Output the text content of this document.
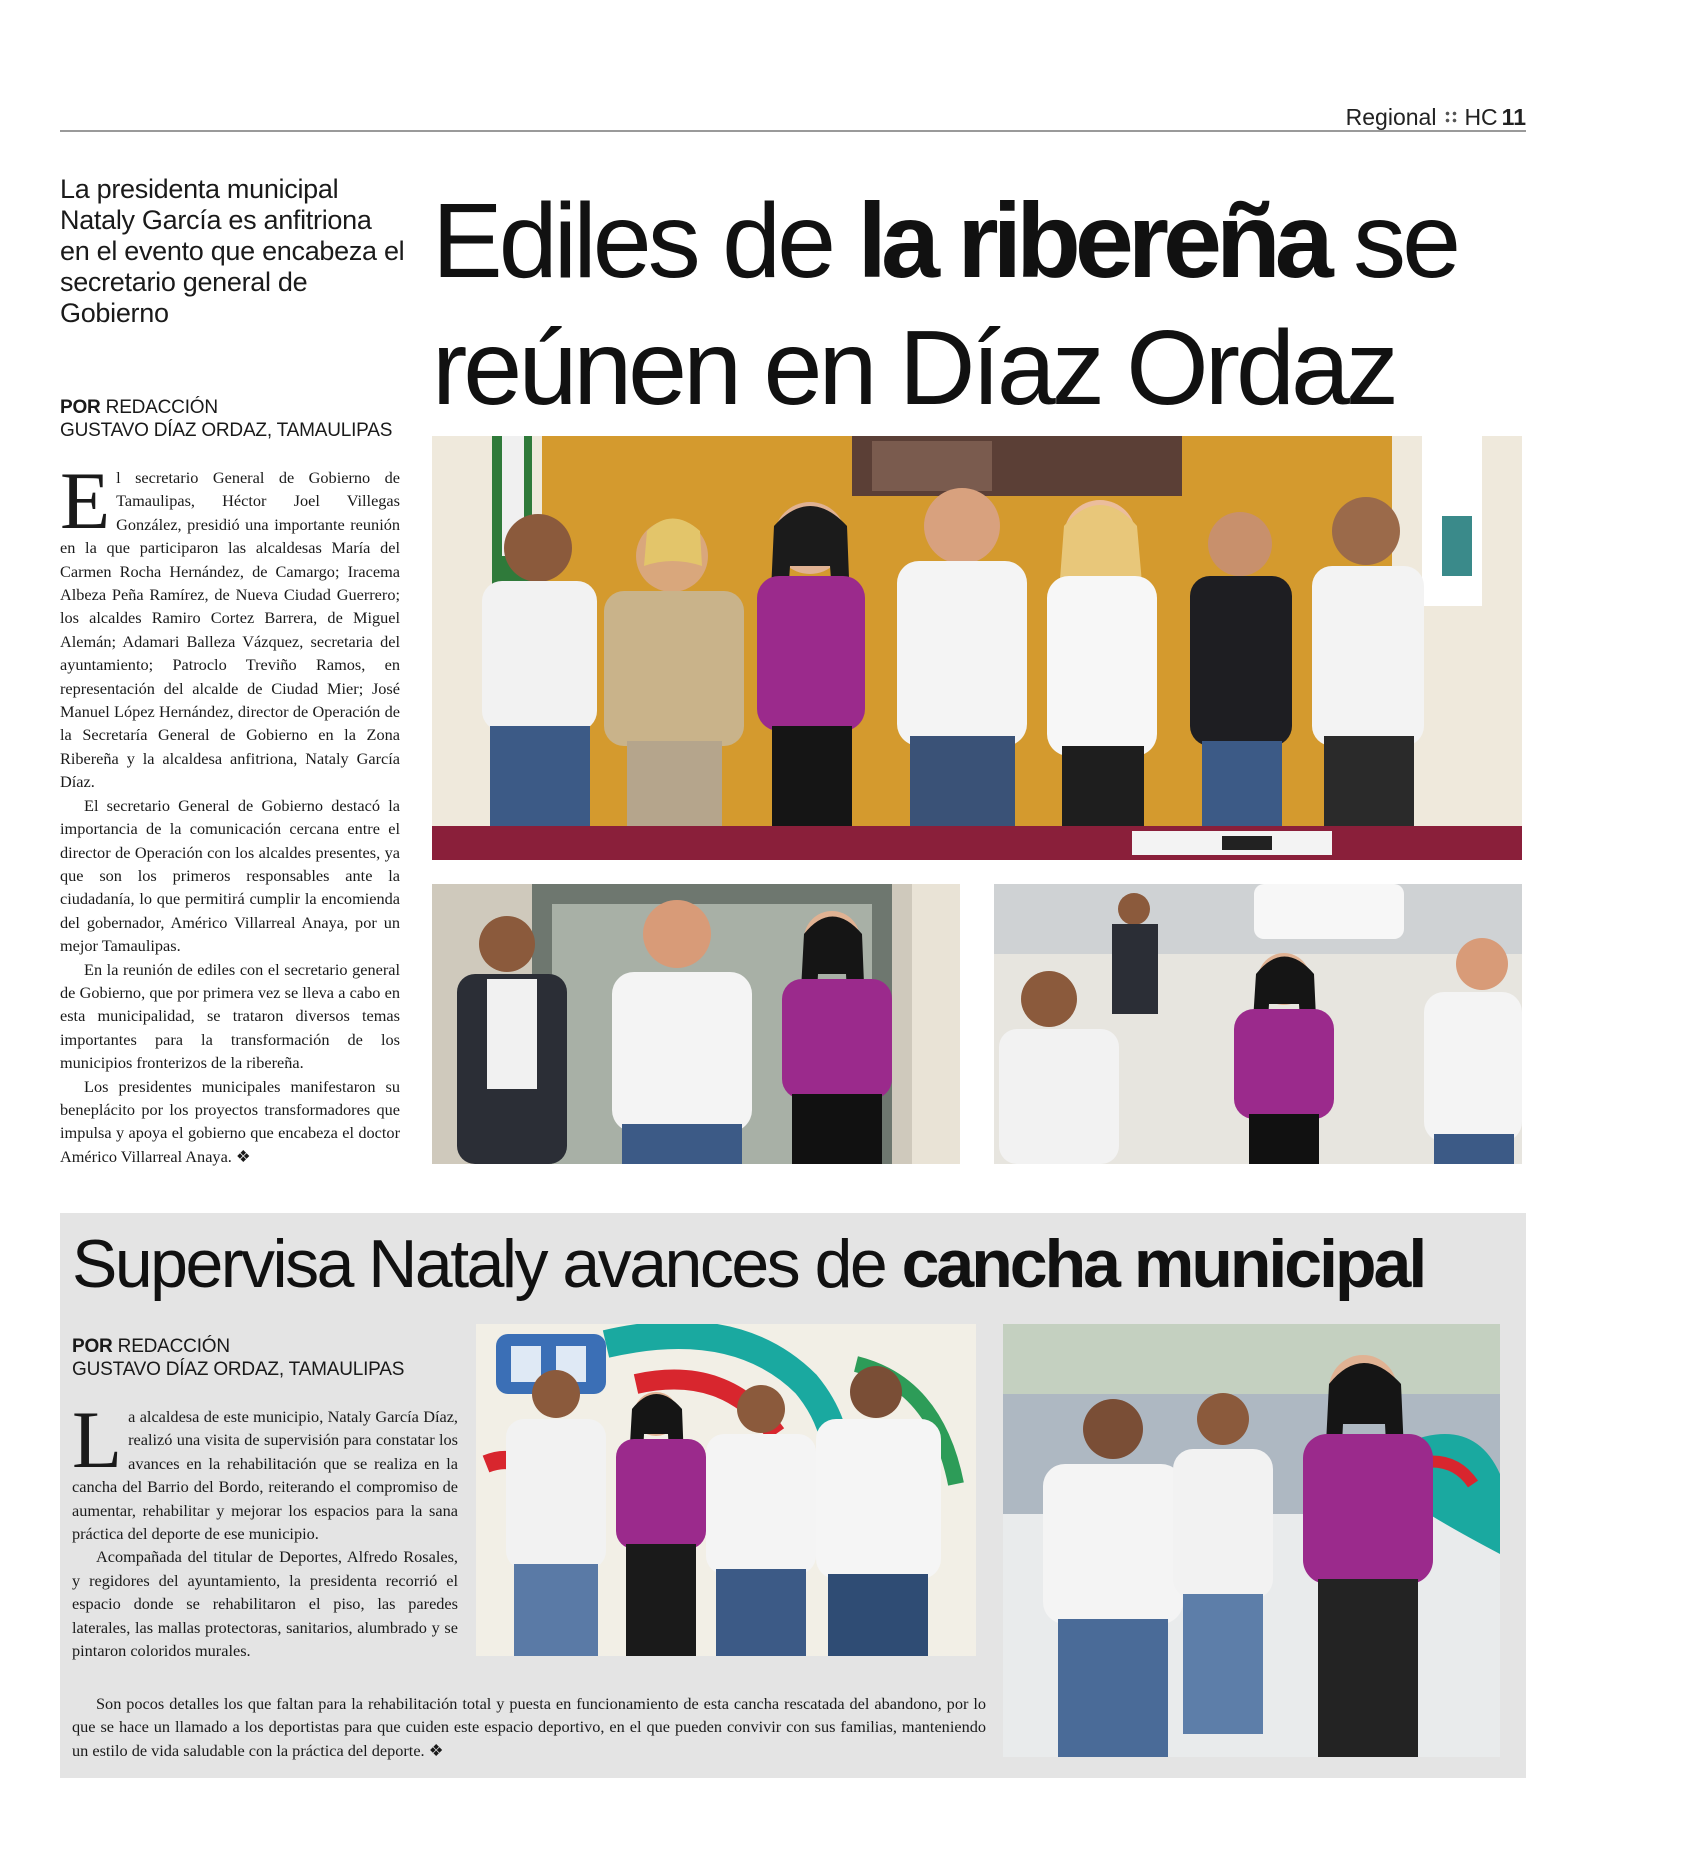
Regional HC 11
La presidenta municipal Nataly García es anfitriona en el evento que encabeza el secretario general de Gobierno
POR REDACCIÓN
GUSTAVO DÍAZ ORDAZ, TAMAULIPAS

El secretario General de Gobierno de Tamaulipas, Héctor Joel Villegas González, presidió una importante reunión en la que participaron las alcaldesas María del Carmen Rocha Hernández, de Camargo; Iracema Albeza Peña Ramírez, de Nueva Ciudad Guerrero; los alcaldes Ramiro Cortez Barrera, de Miguel Alemán; Adamari Balleza Vázquez, secretaria del ayuntamiento; Patroclo Treviño Ramos, en representación del alcalde de Ciudad Mier; José Manuel López Hernández, director de Operación de la Secretaría General de Gobierno en la Zona Ribereña y la alcaldesa anfitriona, Nataly García Díaz.

El secretario General de Gobierno destacó la importancia de la comunicación cercana entre el director de Operación con los alcaldes presentes, ya que son los primeros responsables ante la ciudadanía, lo que permitirá cumplir la encomienda del gobernador, Américo Villarreal Anaya, por un mejor Tamaulipas.

En la reunión de ediles con el secretario general de Gobierno, que por primera vez se lleva a cabo en esta municipalidad, se trataron diversos temas importantes para la transformación de los municipios fronterizos de la ribereña.

Los presidentes municipales manifestaron su beneplácito por los proyectos transformadores que impulsa y apoya el gobierno que encabeza el doctor Américo Villarreal Anaya. ❖

Ediles de la ribereña se reúnen en Díaz Ordaz
Supervisa Nataly avances de cancha municipal
POR REDACCIÓN
GUSTAVO DÍAZ ORDAZ, TAMAULIPAS

La alcaldesa de este municipio, Nataly García Díaz, realizó una visita de supervisión para constatar los avances en la rehabilitación que se realiza en la cancha del Barrio del Bordo, reiterando el compromiso de aumentar, rehabilitar y mejorar los espacios para la sana práctica del deporte de ese municipio.

Acompañada del titular de Deportes, Alfredo Rosales, y regidores del ayuntamiento, la presidenta recorrió el espacio donde se rehabilitaron el piso, las paredes laterales, las mallas protectoras, sanitarios, alumbrado y se pintaron coloridos murales.

Son pocos detalles los que faltan para la rehabilitación total y puesta en funcionamiento de esta cancha rescatada del abandono, por lo que se hace un llamado a los deportistas para que cuiden este espacio deportivo, en el que pueden convivir con sus familias, manteniendo un estilo de vida saludable con la práctica del deporte. ❖
